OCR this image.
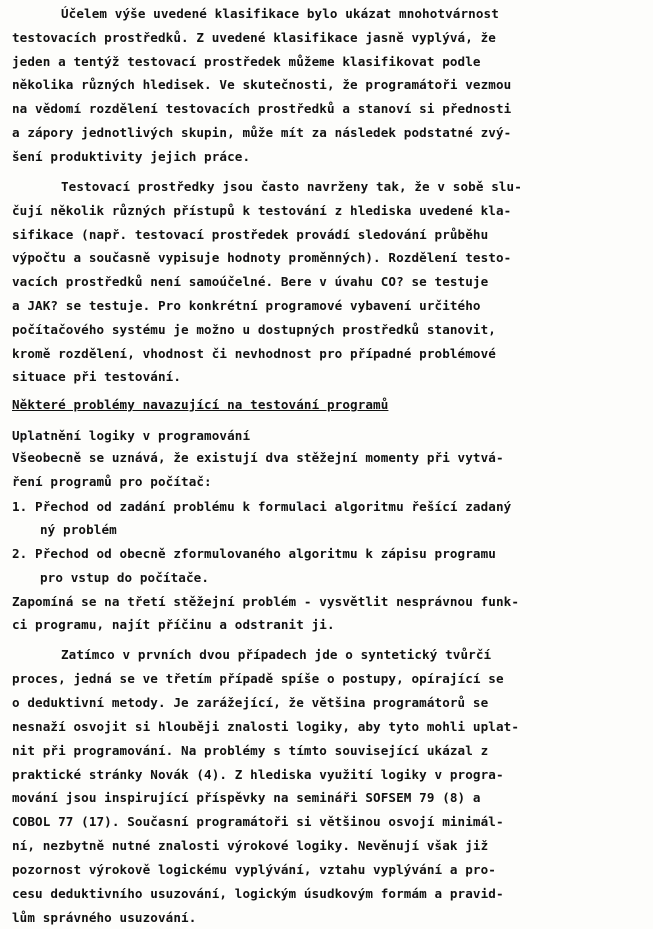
Účelem výše uvedené klasifikace bylo ukázat mnohotvárnost
testovacích prostředků. Z uvedené klasifikace jasně vyplývá, že
jeden a tentýž testovací prostředek můžeme klasifikovat podle
několika různých hledisek. Ve skutečnosti, že programátoři vezmou
na vědomí rozdělení testovacích prostředků a stanoví si přednosti
a zápory jednotlivých skupin, může mít za následek podstatné zvý-
šení produktivity jejich práce.
Testovací prostředky jsou často navrženy tak, že v sobě slu-
čují několik různých přístupů k testování z hlediska uvedené kla-
sifikace (např. testovací prostředek provádí sledování průběhu
výpočtu a současně vypisuje hodnoty proměnných). Rozdělení testo-
vacích prostředků není samoúčelné. Bere v úvahu CO? se testuje
a JAK? se testuje. Pro konkrétní programové vybavení určitého
počítačového systému je možno u dostupných prostředků stanovit,
kromě rozdělení, vhodnost či nevhodnost pro případné problémové
situace při testování.
Některé problémy navazující na testování programů
Uplatnění logiky v programování
Všeobecně se uznává, že existují dva stěžejní momenty při vytvá-
ření programů pro počítač:
1. Přechod od zadání problému k formulaci algoritmu řešící zadaný
ný problém
2. Přechod od obecně zformulovaného algoritmu k zápisu programu
pro vstup do počítače.
Zapomíná se na třetí stěžejní problém - vysvětlit nesprávnou funk-
ci programu, najít příčinu a odstranit ji.
Zatímco v prvních dvou případech jde o syntetický tvůrčí
proces, jedná se ve třetím případě spíše o postupy, opírající se
o deduktivní metody. Je zarážející, že většina programátorů se
nesnaží osvojit si hlouběji znalosti logiky, aby tyto mohli uplat-
nit při programování. Na problémy s tímto související ukázal z
praktické stránky Novák (4). Z hlediska využití logiky v progra-
mování jsou inspirující příspěvky na semináři SOFSEM 79 (8) a
COBOL 77 (17). Současní programátoři si většinou osvojí minimál-
ní, nezbytně nutné znalosti výrokové logiky. Nevěnují však již
pozornost výrokově logickému vyplývání, vztahu vyplývání a pro-
cesu deduktivního usuzování, logickým úsudkovým formám a pravid-
lům správného usuzování.
